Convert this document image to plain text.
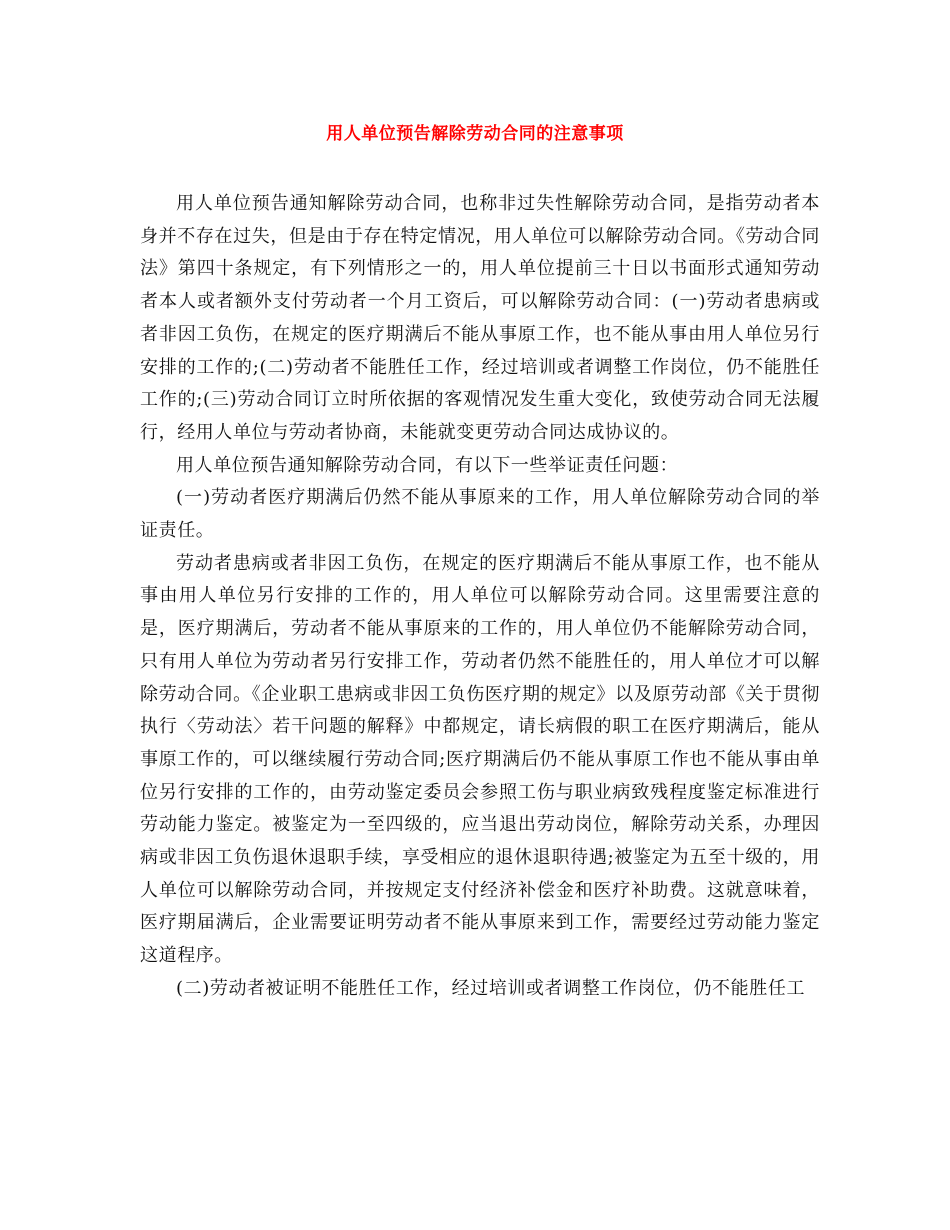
用人单位预告解除劳动合同的注意事项

用人单位预告通知解除劳动合同，也称非过失性解除劳动合同，是指劳动者本身并不存在过失，但是由于存在特定情况，用人单位可以解除劳动合同。《劳动合同法》第四十条规定，有下列情形之一的，用人单位提前三十日以书面形式通知劳动者本人或者额外支付劳动者一个月工资后，可以解除劳动合同：(一)劳动者患病或者非因工负伤，在规定的医疗期满后不能从事原工作，也不能从事由用人单位另行安排的工作的;(二)劳动者不能胜任工作，经过培训或者调整工作岗位，仍不能胜任工作的;(三)劳动合同订立时所依据的客观情况发生重大变化，致使劳动合同无法履行，经用人单位与劳动者协商，未能就变更劳动合同达成协议的。

用人单位预告通知解除劳动合同，有以下一些举证责任问题：

(一)劳动者医疗期满后仍然不能从事原来的工作，用人单位解除劳动合同的举证责任。

劳动者患病或者非因工负伤，在规定的医疗期满后不能从事原工作，也不能从事由用人单位另行安排的工作的，用人单位可以解除劳动合同。这里需要注意的是，医疗期满后，劳动者不能从事原来的工作的，用人单位仍不能解除劳动合同，只有用人单位为劳动者另行安排工作，劳动者仍然不能胜任的，用人单位才可以解除劳动合同。《企业职工患病或非因工负伤医疗期的规定》以及原劳动部《关于贯彻执行〈劳动法〉若干问题的解释》中都规定，请长病假的职工在医疗期满后，能从事原工作的，可以继续履行劳动合同;医疗期满后仍不能从事原工作也不能从事由单位另行安排的工作的，由劳动鉴定委员会参照工伤与职业病致残程度鉴定标准进行劳动能力鉴定。被鉴定为一至四级的，应当退出劳动岗位，解除劳动关系，办理因病或非因工负伤退休退职手续，享受相应的退休退职待遇;被鉴定为五至十级的，用人单位可以解除劳动合同，并按规定支付经济补偿金和医疗补助费。这就意味着，医疗期届满后，企业需要证明劳动者不能从事原来到工作，需要经过劳动能力鉴定这道程序。

(二)劳动者被证明不能胜任工作，经过培训或者调整工作岗位，仍不能胜任工
